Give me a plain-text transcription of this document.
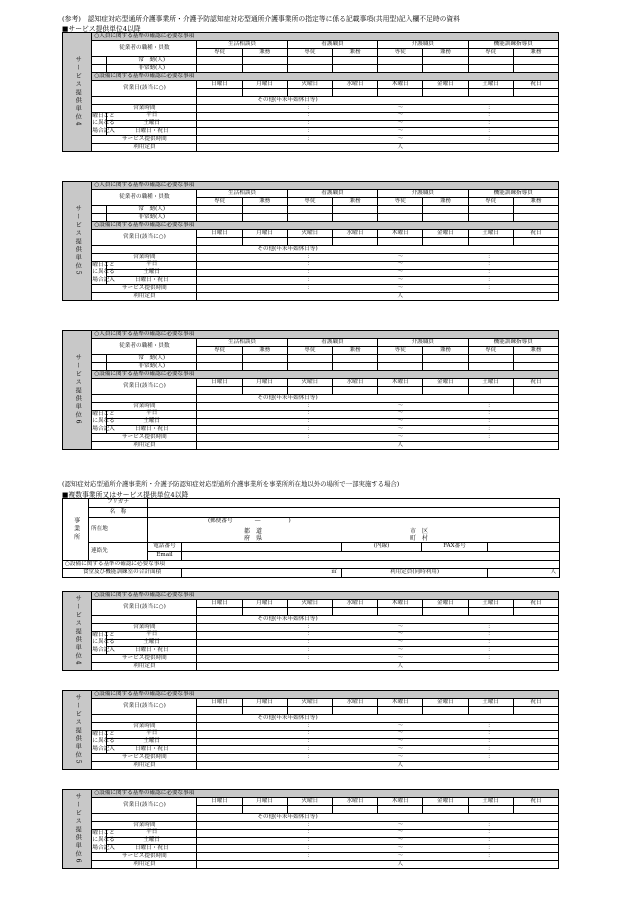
(参考)　認知症対応型通所介護事業所・介護予防認知症対応型通所介護事業所の指定等に係る記載事項(共用型)記入欄不足時の資料
■サービス提供単位4以降
サービス提供単位4	○人員に関する基準の確認に必要な事項									
	従業者の職種・員数		生活相談員		看護職員		介護職員		機能訓練指導員	
			専従	兼務	専従	兼務	専従	兼務	専従	兼務
		常　勤(人)								
		非常勤(人)								
	○設備に関する基準の確認に必要な事項									
	営業日(該当に○)		日曜日	月曜日	火曜日	水曜日	木曜日	金曜日	土曜日	祝日

			その他(年末年始休日等)							
	営業時間				：		～		：	
	曜日ごと	平日			：		～		：	
	に異なる	土曜日			：		～		：	
	場合記入	日曜日・祝日			：		～		：	
	サービス提供時間				：		～		：	
	利用定員						人			
サービス提供単位5	○人員に関する基準の確認に必要な事項									
	従業者の職種・員数		生活相談員		看護職員		介護職員		機能訓練指導員	
			専従	兼務	専従	兼務	専従	兼務	専従	兼務
		常　勤(人)								
		非常勤(人)								
	○設備に関する基準の確認に必要な事項									
	営業日(該当に○)		日曜日	月曜日	火曜日	水曜日	木曜日	金曜日	土曜日	祝日

			その他(年末年始休日等)							
	営業時間				：		～		：	
	曜日ごと	平日			：		～		：	
	に異なる	土曜日			：		～		：	
	場合記入	日曜日・祝日			：		～		：	
	サービス提供時間				：		～		：	
	利用定員						人			
サービス提供単位6	○人員に関する基準の確認に必要な事項									
	従業者の職種・員数		生活相談員		看護職員		介護職員		機能訓練指導員	
			専従	兼務	専従	兼務	専従	兼務	専従	兼務
		常　勤(人)								
		非常勤(人)								
	○設備に関する基準の確認に必要な事項									
	営業日(該当に○)		日曜日	月曜日	火曜日	水曜日	木曜日	金曜日	土曜日	祝日

			その他(年末年始休日等)							
	営業時間				：		～		：	
	曜日ごと	平日			：		～		：	
	に異なる	土曜日			：		～		：	
	場合記入	日曜日・祝日			：		～		：	
	サービス提供時間				：		～		：	
	利用定員						人			
(認知症対応型通所介護事業所・介護予防認知症対応型通所介護事業所を事業所所在地以外の場所で一部実施する場合)
■複数事業所又はサービス提供単位4以降
事業所	フリガナ					
	名　称					
	所在地	(郵便番号　　　　―　　　　　)				

		都　道
府　県
市　区
町　村				

	連絡先	電話番号		(内線)	FAX番号	
		Email				
○設備に関する基準の確認に必要な事項						
食堂及び機能訓練室の合計面積			㎡	利用定員(同時利用)		人
サービス提供単位4	○設備に関する基準の確認に必要な事項									
	営業日(該当に○)		日曜日	月曜日	火曜日	水曜日	木曜日	金曜日	土曜日	祝日

			その他(年末年始休日等)							
	営業時間				：		～		：	
	曜日ごと	平日			：		～		：	
	に異なる	土曜日			：		～		：	
	場合記入	日曜日・祝日			：		～		：	
	サービス提供時間				：		～		：	
	利用定員						人			
サービス提供単位5	○設備に関する基準の確認に必要な事項									
	営業日(該当に○)		日曜日	月曜日	火曜日	水曜日	木曜日	金曜日	土曜日	祝日

			その他(年末年始休日等)							
	営業時間				：		～		：	
	曜日ごと	平日			：		～		：	
	に異なる	土曜日			：		～		：	
	場合記入	日曜日・祝日			：		～		：	
	サービス提供時間				：		～		：	
	利用定員						人			
サービス提供単位6	○設備に関する基準の確認に必要な事項									
	営業日(該当に○)		日曜日	月曜日	火曜日	水曜日	木曜日	金曜日	土曜日	祝日

			その他(年末年始休日等)							
	営業時間				：		～		：	
	曜日ごと	平日			：		～		：	
	に異なる	土曜日			：		～		：	
	場合記入	日曜日・祝日			：		～		：	
	サービス提供時間				：		～		：	
	利用定員						人			
